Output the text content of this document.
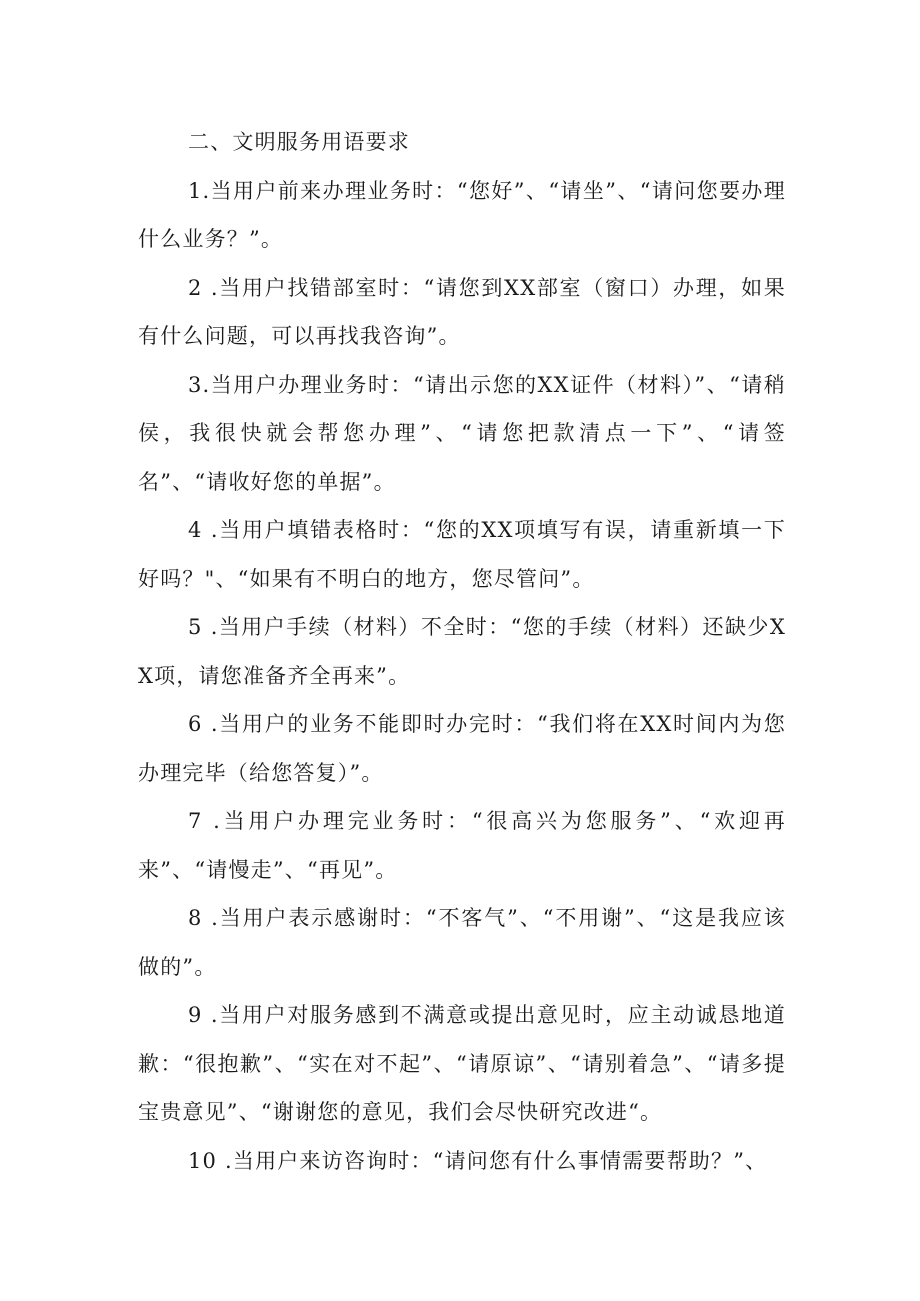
二、文明服务用语要求

1.当用户前来办理业务时：“您好”、“请坐”、“请问您要办理什么业务？”。

2 .当用户找错部室时：“请您到XX部室（窗口）办理，如果有什么问题，可以再找我咨询”。

3.当用户办理业务时：“请出示您的XX证件（材料）”、“请稍侯，我很快就会帮您办理”、“请您把款清点一下”、“请签名”、“请收好您的单据”。

4 .当用户填错表格时：“您的XX项填写有误，请重新填一下好吗？"、“如果有不明白的地方，您尽管问”。

5 .当用户手续（材料）不全时：“您的手续（材料）还缺少XX项，请您准备齐全再来”。

6 .当用户的业务不能即时办完时：“我们将在XX时间内为您办理完毕（给您答复）”。

7 .当用户办理完业务时：“很高兴为您服务”、“欢迎再来”、“请慢走”、“再见”。

8 .当用户表示感谢时：“不客气”、“不用谢”、“这是我应该做的”。

9 .当用户对服务感到不满意或提出意见时，应主动诚恳地道歉：“很抱歉”、“实在对不起”、“请原谅”、“请别着急”、“请多提宝贵意见”、“谢谢您的意见，我们会尽快研究改进“。

10 .当用户来访咨询时：“请问您有什么事情需要帮助？”、
